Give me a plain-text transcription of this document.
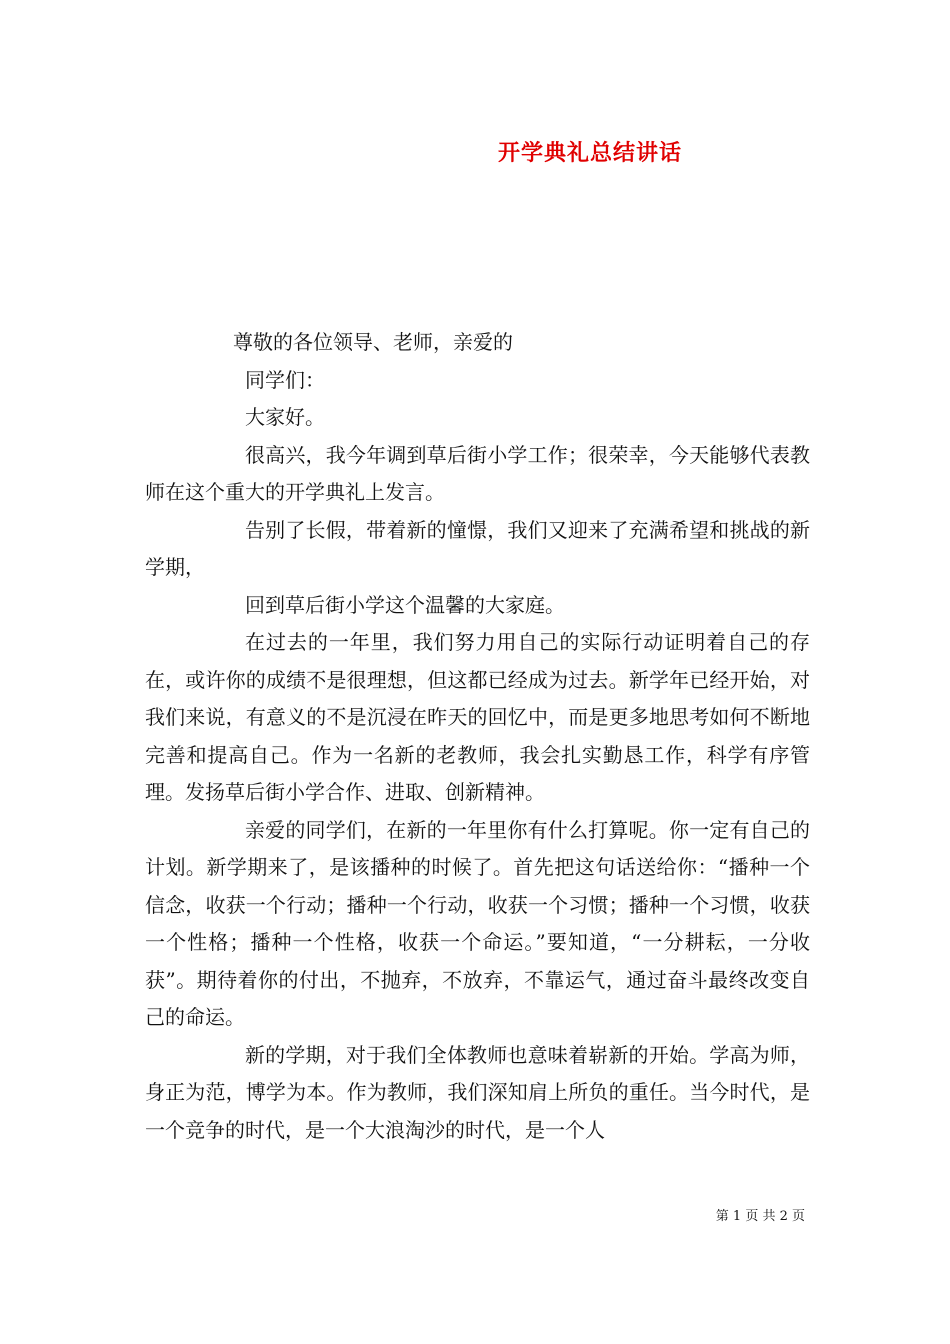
开学典礼总结讲话

尊敬的各位领导、老师，亲爱的

同学们：

大家好。

很高兴，我今年调到草后街小学工作；很荣幸，今天能够代表教师在这个重大的开学典礼上发言。

告别了长假，带着新的憧憬，我们又迎来了充满希望和挑战的新学期，

回到草后街小学这个温馨的大家庭。

在过去的一年里，我们努力用自己的实际行动证明着自己的存在，或许你的成绩不是很理想，但这都已经成为过去。新学年已经开始，对我们来说，有意义的不是沉浸在昨天的回忆中，而是更多地思考如何不断地完善和提高自己。作为一名新的老教师，我会扎实勤恳工作，科学有序管理。发扬草后街小学合作、进取、创新精神。

亲爱的同学们，在新的一年里你有什么打算呢。你一定有自己的计划。新学期来了，是该播种的时候了。首先把这句话送给你：“播种一个信念，收获一个行动；播种一个行动，收获一个习惯；播种一个习惯，收获一个性格；播种一个性格，收获一个命运。”要知道，“一分耕耘，一分收获”。期待着你的付出，不抛弃，不放弃，不靠运气，通过奋斗最终改变自己的命运。

新的学期，对于我们全体教师也意味着崭新的开始。学高为师，身正为范，博学为本。作为教师，我们深知肩上所负的重任。当今时代，是一个竞争的时代，是一个大浪淘沙的时代，是一个人

第 1 页 共 2 页
